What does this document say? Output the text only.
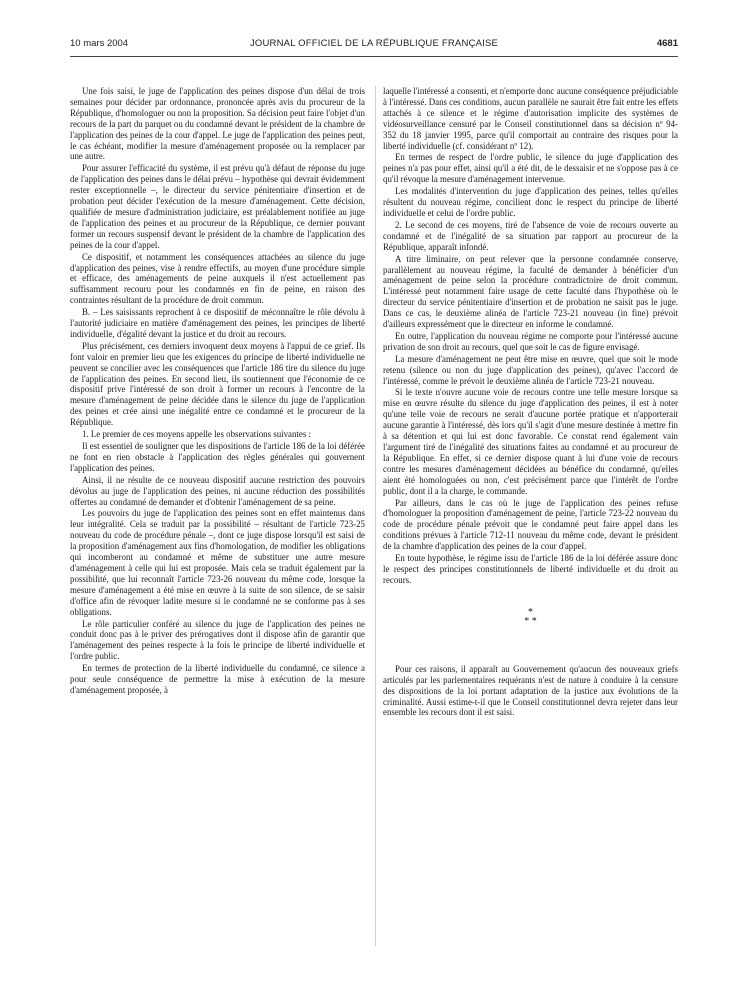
10 mars 2004	JOURNAL OFFICIEL DE LA RÉPUBLIQUE FRANÇAISE	4681

Une fois saisi, le juge de l'application des peines dispose d'un délai de trois semaines pour décider par ordonnance, prononcée après avis du procureur de la République, d'homologuer ou non la proposition. Sa décision peut faire l'objet d'un recours de la part du parquet ou du condamné devant le président de la chambre de l'application des peines de la cour d'appel. Le juge de l'application des peines peut, le cas échéant, modifier la mesure d'aménagement proposée ou la remplacer par une autre.

Pour assurer l'efficacité du système, il est prévu qu'à défaut de réponse du juge de l'application des peines dans le délai prévu – hypothèse qui devrait évidemment rester exceptionnelle –, le directeur du service pénitentiaire d'insertion et de probation peut décider l'exécution de la mesure d'aménagement. Cette décision, qualifiée de mesure d'administration judiciaire, est préalablement notifiée au juge de l'application des peines et au procureur de la République, ce dernier pouvant former un recours suspensif devant le président de la chambre de l'application des peines de la cour d'appel.

Ce dispositif, et notamment les conséquences attachées au silence du juge d'application des peines, vise à rendre effectifs, au moyen d'une procédure simple et efficace, des aménagements de peine auxquels il n'est actuellement pas suffisamment recouru pour les condamnés en fin de peine, en raison des contraintes résultant de la procédure de droit commun.

B. – Les saisissants reprochent à ce dispositif de méconnaître le rôle dévolu à l'autorité judiciaire en matière d'aménagement des peines, les principes de liberté individuelle, d'égalité devant la justice et du droit au recours.

Plus précisément, ces derniers invoquent deux moyens à l'appui de ce grief. Ils font valoir en premier lieu que les exigences du principe de liberté individuelle ne peuvent se concilier avec les conséquences que l'article 186 tire du silence du juge de l'application des peines. En second lieu, ils soutiennent que l'économie de ce dispositif prive l'intéressé de son droit à former un recours à l'encontre de la mesure d'aménagement de peine décidée dans le silence du juge de l'application des peines et crée ainsi une inégalité entre ce condamné et le procureur de la République.

1. Le premier de ces moyens appelle les observations suivantes :

Il est essentiel de souligner que les dispositions de l'article 186 de la loi déférée ne font en rien obstacle à l'application des règles générales qui gouvernent l'application des peines.

Ainsi, il ne résulte de ce nouveau dispositif aucune restriction des pouvoirs dévolus au juge de l'application des peines, ni aucune réduction des possibilités offertes au condamné de demander et d'obtenir l'aménagement de sa peine.

Les pouvoirs du juge de l'application des peines sont en effet maintenus dans leur intégralité. Cela se traduit par la possibilité – résultant de l'article 723-25 nouveau du code de procédure pénale –, dont ce juge dispose lorsqu'il est saisi de la proposition d'aménagement aux fins d'homologation, de modifier les obligations qui incomberont au condamné et même de substituer une autre mesure d'aménagement à celle qui lui est proposée. Mais cela se traduit également par la possibilité, que lui reconnaît l'article 723-26 nouveau du même code, lorsque la mesure d'aménagement a été mise en œuvre à la suite de son silence, de se saisir d'office afin de révoquer ladite mesure si le condamné ne se conforme pas à ses obligations.

Le rôle particulier conféré au silence du juge de l'application des peines ne conduit donc pas à le priver des prérogatives dont il dispose afin de garantir que l'aménagement des peines respecte à la fois le principe de liberté individuelle et l'ordre public.

En termes de protection de la liberté individuelle du condamné, ce silence a pour seule conséquence de permettre la mise à exécution de la mesure d'aménagement proposée, à

laquelle l'intéressé a consenti, et n'emporte donc aucune conséquence préjudiciable à l'intéressé. Dans ces conditions, aucun parallèle ne saurait être fait entre les effets attachés à ce silence et le régime d'autorisation implicite des systèmes de vidéosurveillance censuré par le Conseil constitutionnel dans sa décision nº 94-352 du 18 janvier 1995, parce qu'il comportait au contraire des risques pour la liberté individuelle (cf. considérant nº 12).

En termes de respect de l'ordre public, le silence du juge d'application des peines n'a pas pour effet, ainsi qu'il a été dit, de le dessaisir et ne s'oppose pas à ce qu'il révoque la mesure d'aménagement intervenue.

Les modalités d'intervention du juge d'application des peines, telles qu'elles résultent du nouveau régime, concilient donc le respect du principe de liberté individuelle et celui de l'ordre public.

2. Le second de ces moyens, tiré de l'absence de voie de recours ouverte au condamné et de l'inégalité de sa situation par rapport au procureur de la République, apparaît infondé.

A titre liminaire, on peut relever que la personne condamnée conserve, parallèlement au nouveau régime, la faculté de demander à bénéficier d'un aménagement de peine selon la procédure contradictoire de droit commun. L'intéressé peut notamment faire usage de cette faculté dans l'hypothèse où le directeur du service pénitentiaire d'insertion et de probation ne saisit pas le juge. Dans ce cas, le deuxième alinéa de l'article 723-21 nouveau (in fine) prévoit d'ailleurs expressément que le directeur en informe le condamné.

En outre, l'application du nouveau régime ne comporte pour l'intéressé aucune privation de son droit au recours, quel que soit le cas de figure envisagé.

La mesure d'aménagement ne peut être mise en œuvre, quel que soit le mode retenu (silence ou non du juge d'application des peines), qu'avec l'accord de l'intéressé, comme le prévoit le deuxième alinéa de l'article 723-21 nouveau.

Si le texte n'ouvre aucune voie de recours contre une telle mesure lorsque sa mise en œuvre résulte du silence du juge d'application des peines, il est à noter qu'une telle voie de recours ne serait d'aucune portée pratique et n'apporterait aucune garantie à l'intéressé, dès lors qu'il s'agit d'une mesure destinée à mettre fin à sa détention et qui lui est donc favorable. Ce constat rend également vain l'argument tiré de l'inégalité des situations faites au condamné et au procureur de la République. En effet, si ce dernier dispose quant à lui d'une voie de recours contre les mesures d'aménagement décidées au bénéfice du condamné, qu'elles aient été homologuées ou non, c'est précisément parce que l'intérêt de l'ordre public, dont il a la charge, le commande.

Par ailleurs, dans le cas où le juge de l'application des peines refuse d'homologuer la proposition d'aménagement de peine, l'article 723-22 nouveau du code de procédure pénale prévoit que le condamné peut faire appel dans les conditions prévues à l'article 712-11 nouveau du même code, devant le président de la chambre d'application des peines de la cour d'appel.

En toute hypothèse, le régime issu de l'article 186 de la loi déférée assure donc le respect des principes constitutionnels de liberté individuelle et du droit au recours.

*
* *

Pour ces raisons, il apparaît au Gouvernement qu'aucun des nouveaux griefs articulés par les parlementaires requérants n'est de nature à conduire à la censure des dispositions de la loi portant adaptation de la justice aux évolutions de la criminalité. Aussi estime-t-il que le Conseil constitutionnel devra rejeter dans leur ensemble les recours dont il est saisi.
